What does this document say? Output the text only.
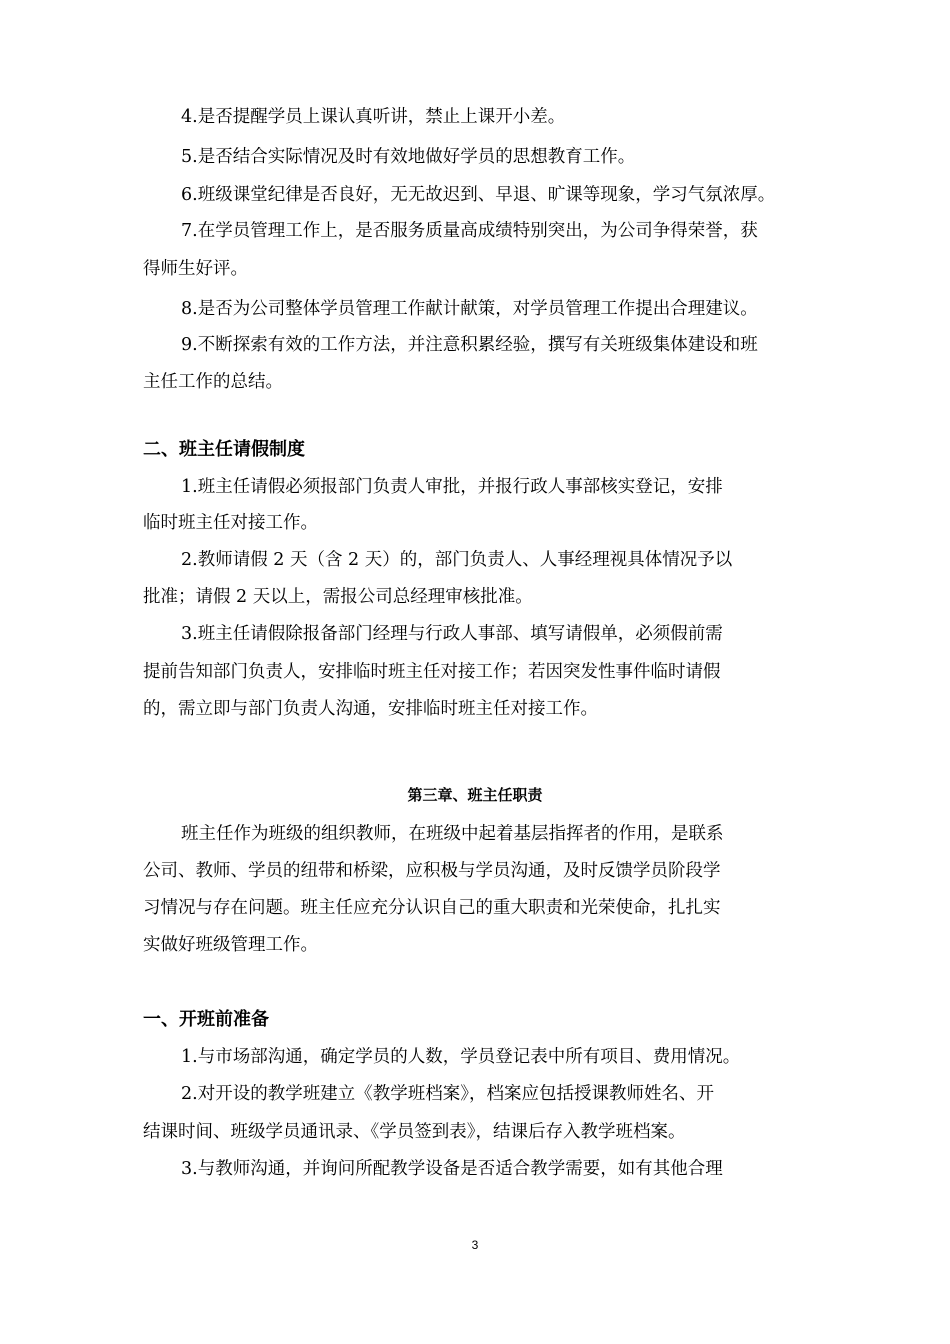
4.是否提醒学员上课认真听讲，禁止上课开小差。
5.是否结合实际情况及时有效地做好学员的思想教育工作。
6.班级课堂纪律是否良好，无无故迟到、早退、旷课等现象，学习气氛浓厚。
7.在学员管理工作上，是否服务质量高成绩特别突出，为公司争得荣誉，获
得师生好评。
8.是否为公司整体学员管理工作献计献策，对学员管理工作提出合理建议。
9.不断探索有效的工作方法，并注意积累经验，撰写有关班级集体建设和班
主任工作的总结。
二、班主任请假制度
1.班主任请假必须报部门负责人审批，并报行政人事部核实登记，安排
临时班主任对接工作。
2.教师请假 2 天（含 2 天）的，部门负责人、人事经理视具体情况予以
批准；请假 2 天以上，需报公司总经理审核批准。
3.班主任请假除报备部门经理与行政人事部、填写请假单，必须假前需
提前告知部门负责人，安排临时班主任对接工作；若因突发性事件临时请假
的，需立即与部门负责人沟通，安排临时班主任对接工作。
第三章、班主任职责
班主任作为班级的组织教师，在班级中起着基层指挥者的作用，是联系
公司、教师、学员的纽带和桥梁，应积极与学员沟通，及时反馈学员阶段学
习情况与存在问题。班主任应充分认识自己的重大职责和光荣使命，扎扎实
实做好班级管理工作。
一、开班前准备
1.与市场部沟通，确定学员的人数，学员登记表中所有项目、费用情况。
2.对开设的教学班建立《教学班档案》，档案应包括授课教师姓名、开
结课时间、班级学员通讯录、《学员签到表》，结课后存入教学班档案。
3.与教师沟通，并询问所配教学设备是否适合教学需要，如有其他合理
3
